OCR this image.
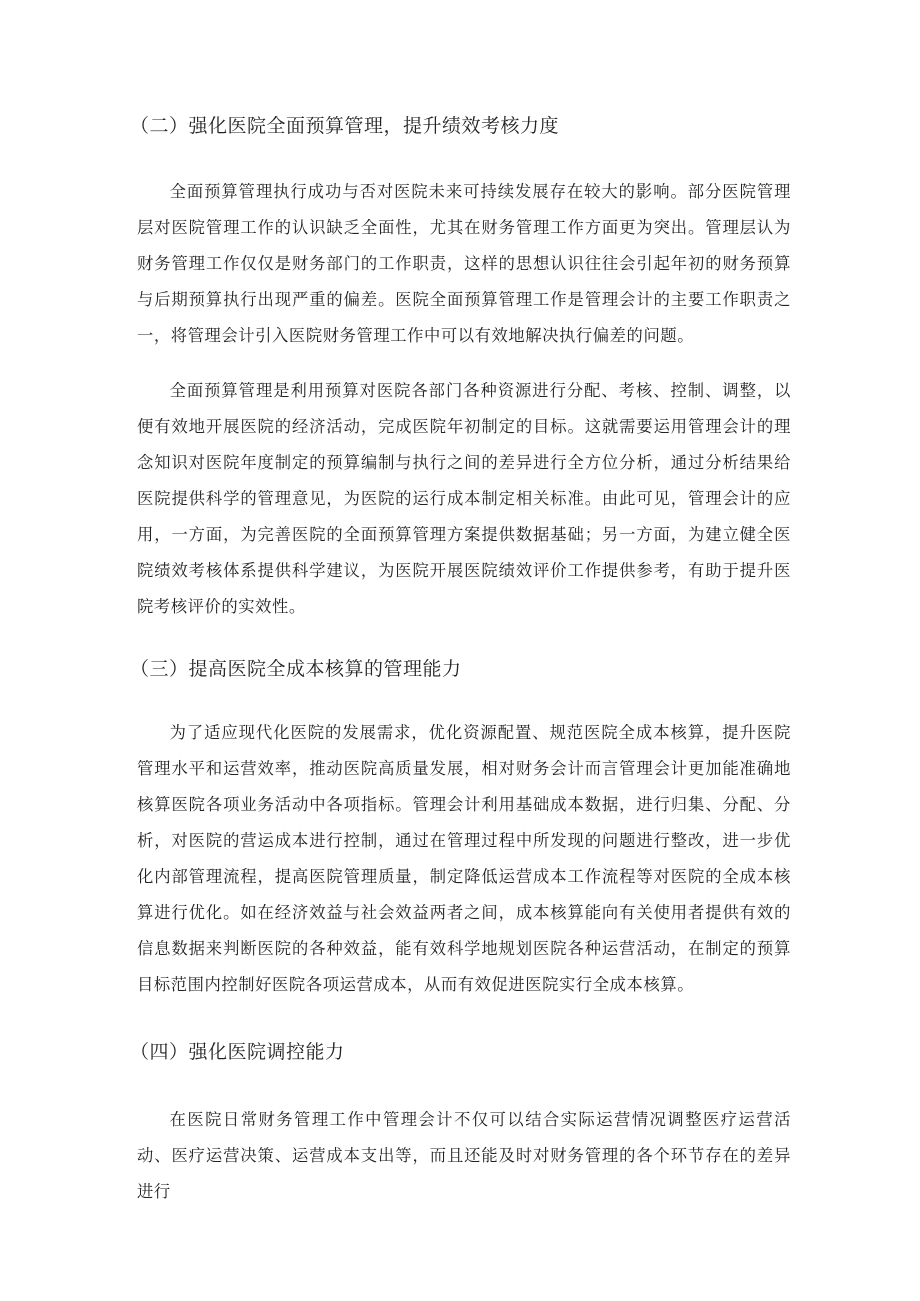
（二）强化医院全面预算管理，提升绩效考核力度

全面预算管理执行成功与否对医院未来可持续发展存在较大的影响。部分医院管理层对医院管理工作的认识缺乏全面性，尤其在财务管理工作方面更为突出。管理层认为财务管理工作仅仅是财务部门的工作职责，这样的思想认识往往会引起年初的财务预算与后期预算执行出现严重的偏差。医院全面预算管理工作是管理会计的主要工作职责之一，将管理会计引入医院财务管理工作中可以有效地解决执行偏差的问题。

全面预算管理是利用预算对医院各部门各种资源进行分配、考核、控制、调整，以便有效地开展医院的经济活动，完成医院年初制定的目标。这就需要运用管理会计的理念知识对医院年度制定的预算编制与执行之间的差异进行全方位分析，通过分析结果给医院提供科学的管理意见，为医院的运行成本制定相关标准。由此可见，管理会计的应用，一方面，为完善医院的全面预算管理方案提供数据基础；另一方面，为建立健全医院绩效考核体系提供科学建议，为医院开展医院绩效评价工作提供参考，有助于提升医院考核评价的实效性。

（三）提高医院全成本核算的管理能力

为了适应现代化医院的发展需求，优化资源配置、规范医院全成本核算，提升医院管理水平和运营效率，推动医院高质量发展，相对财务会计而言管理会计更加能准确地核算医院各项业务活动中各项指标。管理会计利用基础成本数据，进行归集、分配、分析，对医院的营运成本进行控制，通过在管理过程中所发现的问题进行整改，进一步优化内部管理流程，提高医院管理质量，制定降低运营成本工作流程等对医院的全成本核算进行优化。如在经济效益与社会效益两者之间，成本核算能向有关使用者提供有效的信息数据来判断医院的各种效益，能有效科学地规划医院各种运营活动，在制定的预算目标范围内控制好医院各项运营成本，从而有效促进医院实行全成本核算。

（四）强化医院调控能力

在医院日常财务管理工作中管理会计不仅可以结合实际运营情况调整医疗运营活动、医疗运营决策、运营成本支出等，而且还能及时对财务管理的各个环节存在的差异进行
